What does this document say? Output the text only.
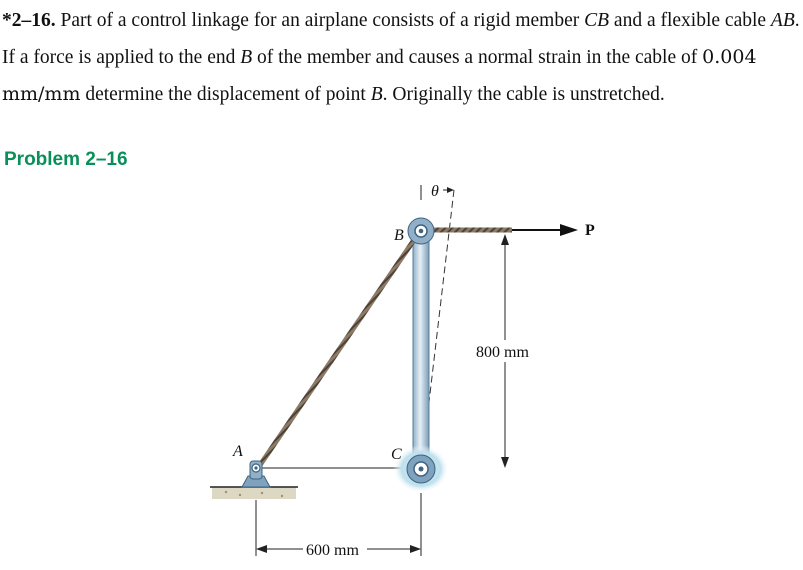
*2–16. Part of a control linkage for an airplane consists of a rigid member CB and a flexible cable AB. If a force is applied to the end B of the member and causes a normal strain in the cable of 0.004 mm/mm determine the displacement of point B. Originally the cable is unstretched.

Problem 2–16
θ
P
800 mm
600 mm
A
B
C
